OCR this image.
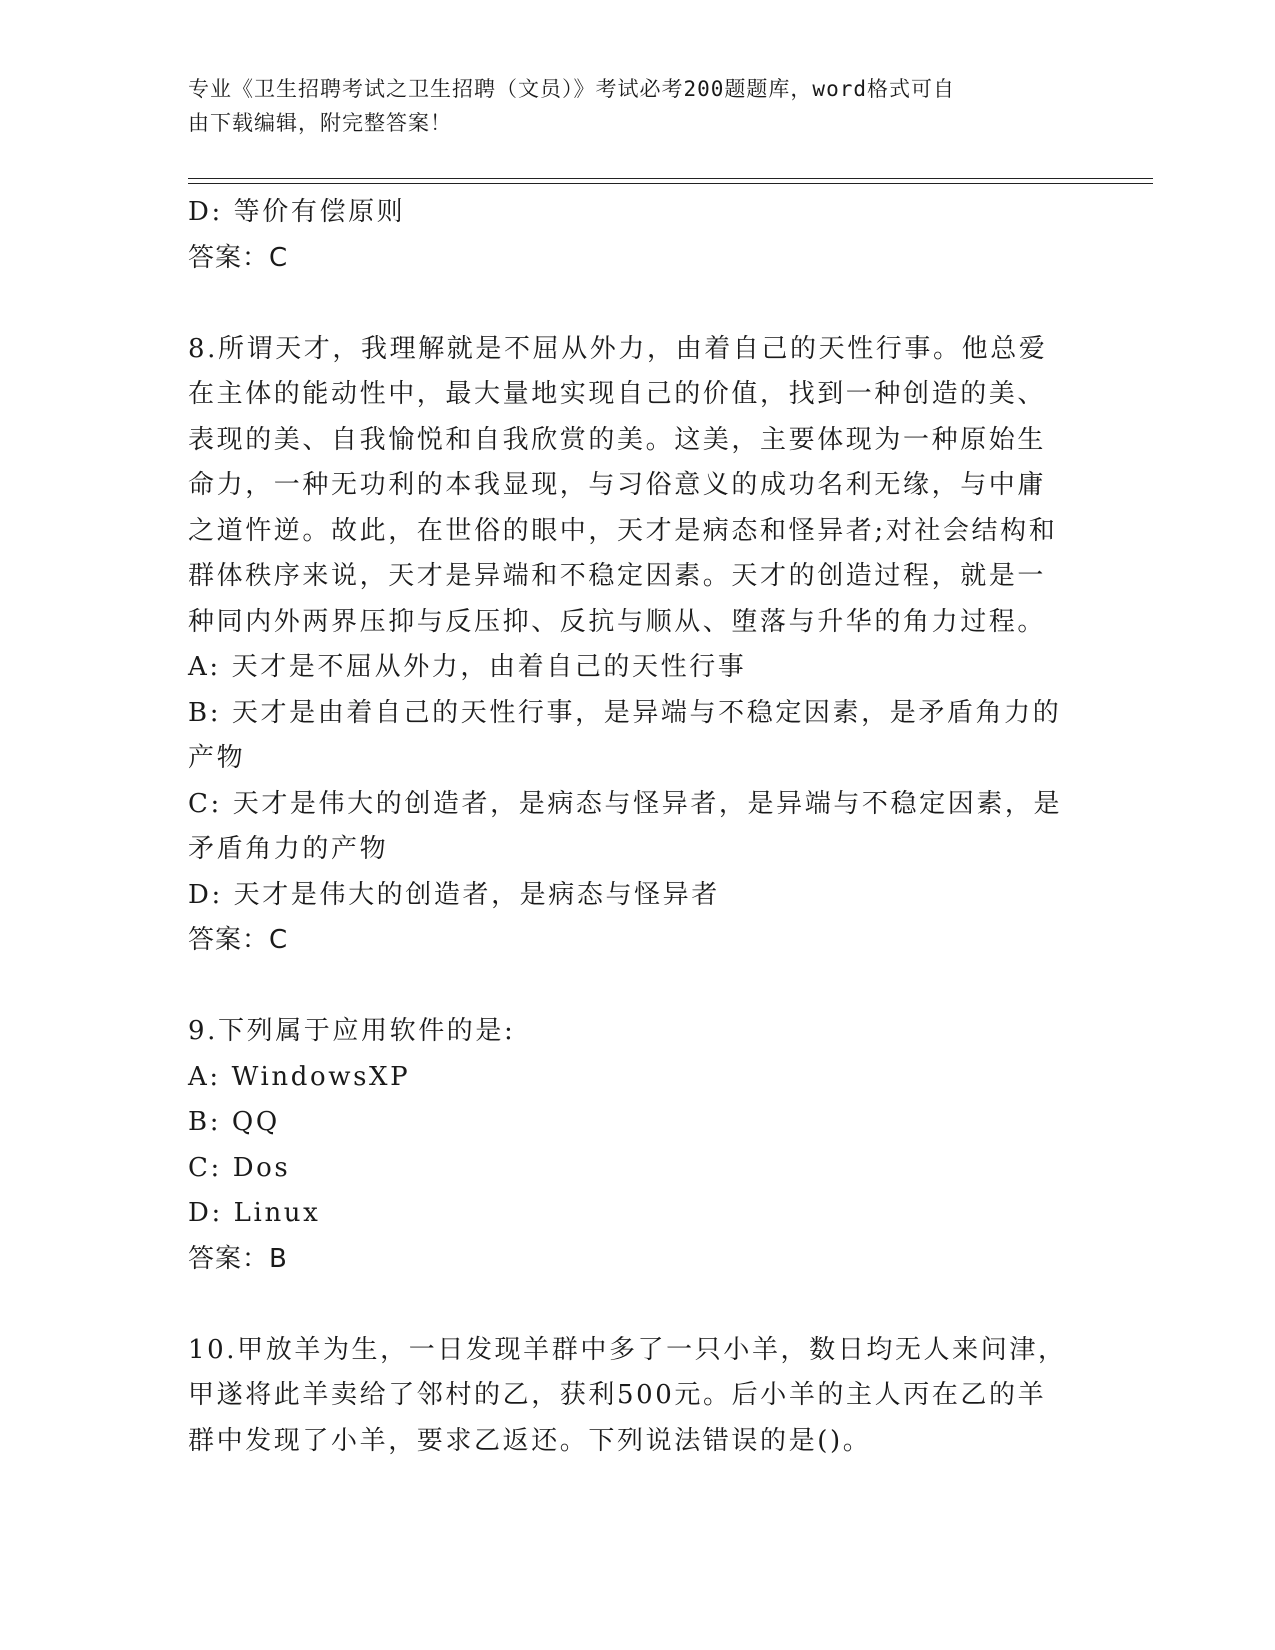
专业《卫生招聘考试之卫生招聘（文员）》考试必考200题题库，word格式可自
由下载编辑，附完整答案！
D: 等价有偿原则
答案：C
8.所谓天才，我理解就是不屈从外力，由着自己的天性行事。他总爱
在主体的能动性中，最大量地实现自己的价值，找到一种创造的美、
表现的美、自我愉悦和自我欣赏的美。这美，主要体现为一种原始生
命力，一种无功利的本我显现，与习俗意义的成功名利无缘，与中庸
之道忤逆。故此，在世俗的眼中，天才是病态和怪异者;对社会结构和
群体秩序来说，天才是异端和不稳定因素。天才的创造过程，就是一
种同内外两界压抑与反压抑、反抗与顺从、堕落与升华的角力过程。
A: 天才是不屈从外力，由着自己的天性行事
B: 天才是由着自己的天性行事，是异端与不稳定因素，是矛盾角力的
产物
C: 天才是伟大的创造者，是病态与怪异者，是异端与不稳定因素，是
矛盾角力的产物
D: 天才是伟大的创造者，是病态与怪异者
答案：C
9.下列属于应用软件的是:
A: WindowsXP
B: QQ
C: Dos
D: Linux
答案：B
10.甲放羊为生，一日发现羊群中多了一只小羊，数日均无人来问津，
甲遂将此羊卖给了邻村的乙，获利500元。后小羊的主人丙在乙的羊
群中发现了小羊，要求乙返还。下列说法错误的是()。
